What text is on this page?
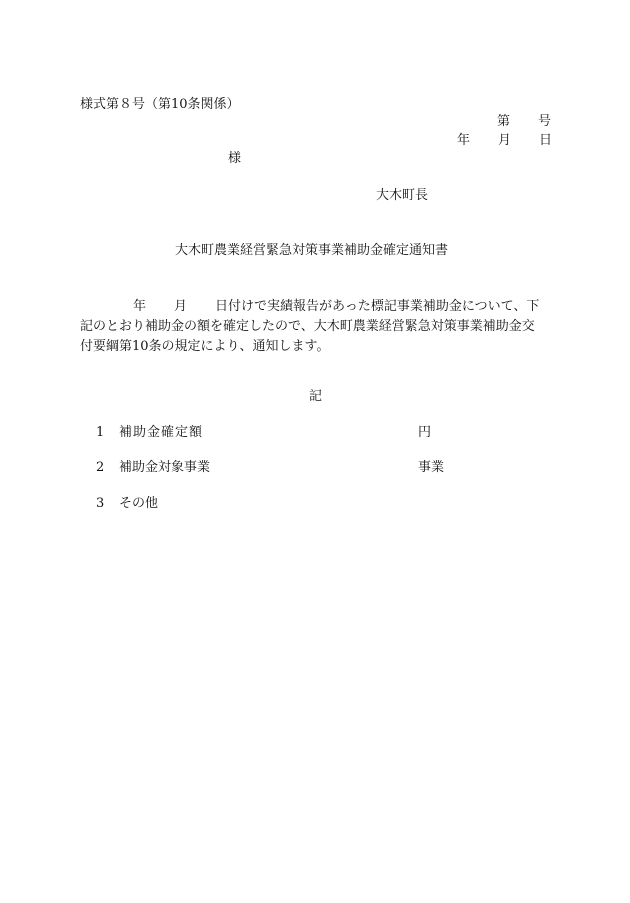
様式第８号（第10条関係）
第 号
年 月 日
様
大木町長
大木町農業経営緊急対策事業補助金確定通知書
年 月 日付けで実績報告があった標記事業補助金について、下
記のとおり補助金の額を確定したので、大木町農業経営緊急対策事業補助金交
付要綱第10条の規定により、通知します。
記
1 補助金確定額	円
2 補助金対象事業	事業
3 その他
